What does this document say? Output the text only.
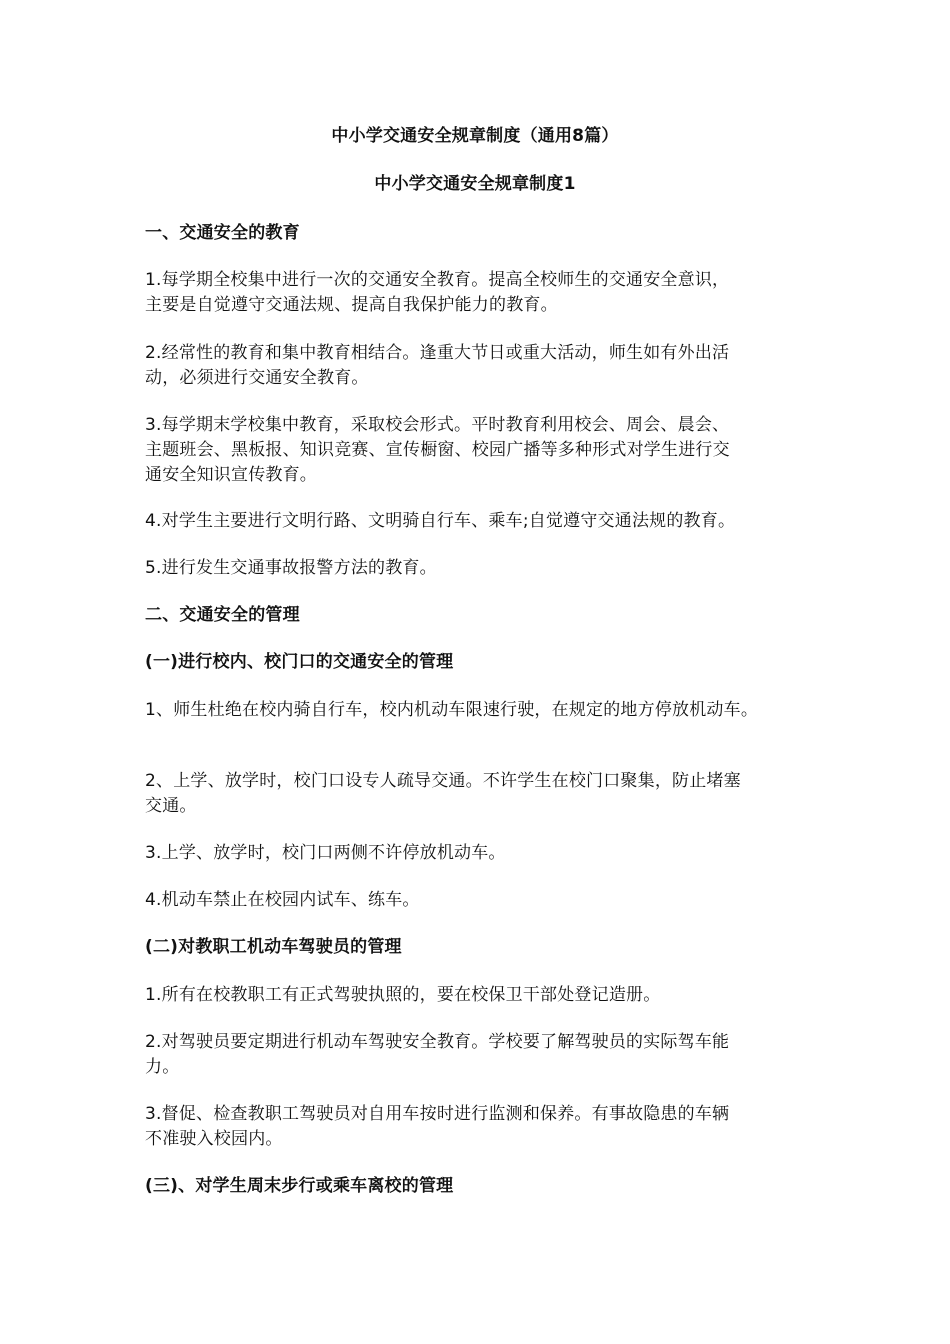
中小学交通安全规章制度（通用8篇）
中小学交通安全规章制度1
一、交通安全的教育
1.每学期全校集中进行一次的交通安全教育。提高全校师生的交通安全意识，
主要是自觉遵守交通法规、提高自我保护能力的教育。
2.经常性的教育和集中教育相结合。逢重大节日或重大活动，师生如有外出活
动，必须进行交通安全教育。
3.每学期末学校集中教育，采取校会形式。平时教育利用校会、周会、晨会、
主题班会、黑板报、知识竞赛、宣传橱窗、校园广播等多种形式对学生进行交
通安全知识宣传教育。
4.对学生主要进行文明行路、文明骑自行车、乘车;自觉遵守交通法规的教育。
5.进行发生交通事故报警方法的教育。
二、交通安全的管理
(一)进行校内、校门口的交通安全的管理
1、师生杜绝在校内骑自行车，校内机动车限速行驶，在规定的地方停放机动车。
2、上学、放学时，校门口设专人疏导交通。不许学生在校门口聚集，防止堵塞
交通。
3.上学、放学时，校门口两侧不许停放机动车。
4.机动车禁止在校园内试车、练车。
(二)对教职工机动车驾驶员的管理
1.所有在校教职工有正式驾驶执照的，要在校保卫干部处登记造册。
2.对驾驶员要定期进行机动车驾驶安全教育。学校要了解驾驶员的实际驾车能
力。
3.督促、检查教职工驾驶员对自用车按时进行监测和保养。有事故隐患的车辆
不准驶入校园内。
(三)、对学生周末步行或乘车离校的管理
